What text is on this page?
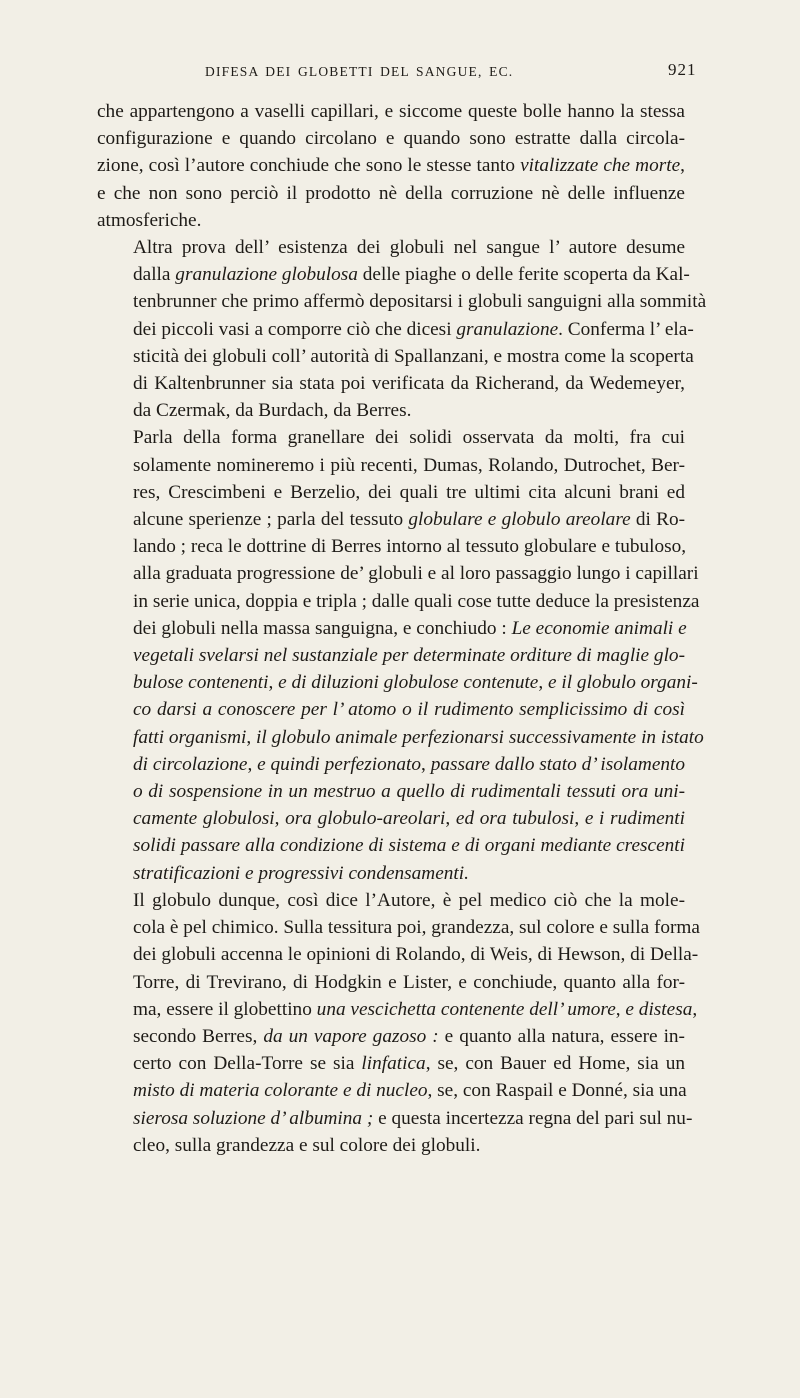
DIFESA DEI GLOBETTI DEL SANGUE, EC.	921

che appartengono a vaselli capillari, e siccome queste bolle hanno la stessa
configurazione e quando circolano e quando sono estratte dalla circola-
zione, così l’autore conchiude che sono le stesse tanto vitalizzate che morte,
e che non sono perciò il prodotto nè della corruzione nè delle influenze
atmosferiche.

Altra prova dell’ esistenza dei globuli nel sangue l’ autore desume
dalla granulazione globulosa delle piaghe o delle ferite scoperta da Kal-
tenbrunner che primo affermò depositarsi i globuli sanguigni alla sommità
dei piccoli vasi a comporre ciò che dicesi granulazione. Conferma l’ ela-
sticità dei globuli coll’ autorità di Spallanzani, e mostra come la scoperta
di Kaltenbrunner sia stata poi verificata da Richerand, da Wedemeyer,
da Czermak, da Burdach, da Berres.

Parla della forma granellare dei solidi osservata da molti, fra cui
solamente nomineremo i più recenti, Dumas, Rolando, Dutrochet, Ber-
res, Crescimbeni e Berzelio, dei quali tre ultimi cita alcuni brani ed
alcune sperienze ; parla del tessuto globulare e globulo areolare di Ro-
lando ; reca le dottrine di Berres intorno al tessuto globulare e tubuloso,
alla graduata progressione de’ globuli e al loro passaggio lungo i capillari
in serie unica, doppia e tripla ; dalle quali cose tutte deduce la presistenza
dei globuli nella massa sanguigna, e conchiudo : Le economie animali e
vegetali svelarsi nel sustanziale per determinate orditure di maglie glo-
bulose contenenti, e di diluzioni globulose contenute, e il globulo organi-
co darsi a conoscere per l’ atomo o il rudimento semplicissimo di così
fatti organismi, il globulo animale perfezionarsi successivamente in istato
di circolazione, e quindi perfezionato, passare dallo stato d’ isolamento
o di sospensione in un mestruo a quello di rudimentali tessuti ora uni-
camente globulosi, ora globulo-areolari, ed ora tubulosi, e i rudimenti
solidi passare alla condizione di sistema e di organi mediante crescenti
stratificazioni e progressivi condensamenti.

Il globulo dunque, così dice l’Autore, è pel medico ciò che la mole-
cola è pel chimico. Sulla tessitura poi, grandezza, sul colore e sulla forma
dei globuli accenna le opinioni di Rolando, di Weis, di Hewson, di Della-
Torre, di Trevirano, di Hodgkin e Lister, e conchiude, quanto alla for-
ma, essere il globettino una vescichetta contenente dell’ umore, e distesa,
secondo Berres, da un vapore gazoso : e quanto alla natura, essere in-
certo con Della-Torre se sia linfatica, se, con Bauer ed Home, sia un
misto di materia colorante e di nucleo, se, con Raspail e Donné, sia una
sierosa soluzione d’ albumina ; e questa incertezza regna del pari sul nu-
cleo, sulla grandezza e sul colore dei globuli.
